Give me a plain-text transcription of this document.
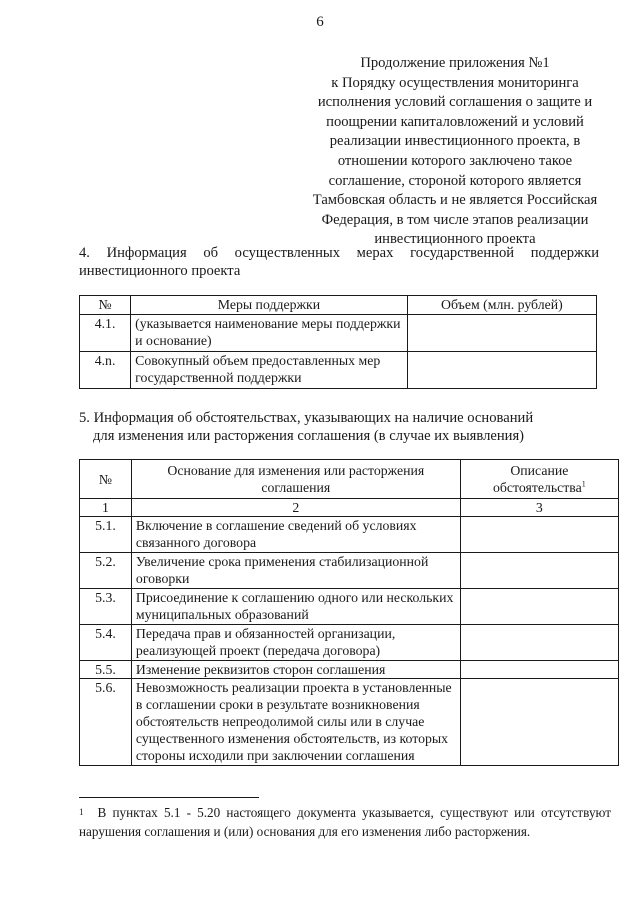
6
Продолжение приложения №1
к Порядку осуществления мониторинга
исполнения условий соглашения о защите и
поощрении капиталовложений и условий
реализации инвестиционного проекта, в
отношении которого заключено такое
соглашение, стороной которого является
Тамбовская область и не является Российская
Федерация, в том числе этапов реализации
инвестиционного проекта
4. Информация об осуществленных мерах государственной поддержки
инвестиционного проекта
№	Меры поддержки	Объем (млн. рублей)
4.1.	(указывается наименование меры поддержки и основание)	
4.n.	Совокупный объем предоставленных мер государственной поддержки	
5. Информация об обстоятельствах, указывающих на наличие оснований
для изменения или расторжения соглашения (в случае их выявления)
№	Основание для изменения или расторжения соглашения	Описание обстоятельства$^1$
1	2	3
5.1.	Включение в соглашение сведений об условиях связанного договора	
5.2.	Увеличение срока применения стабилизационной оговорки	
5.3.	Присоединение к соглашению одного или нескольких муниципальных образований	
5.4.	Передача прав и обязанностей организации, реализующей проект (передача договора)	
5.5.	Изменение реквизитов сторон соглашения	
5.6.	Невозможность реализации проекта в установленные в соглашении сроки в результате возникновения обстоятельств непреодолимой силы или в случае существенного изменения обстоятельств, из которых стороны исходили при заключении соглашения	
$^1$ В пунктах 5.1 - 5.20 настоящего документа указывается, существуют или отсутствуют нарушения соглашения и (или) основания для его изменения либо расторжения.
